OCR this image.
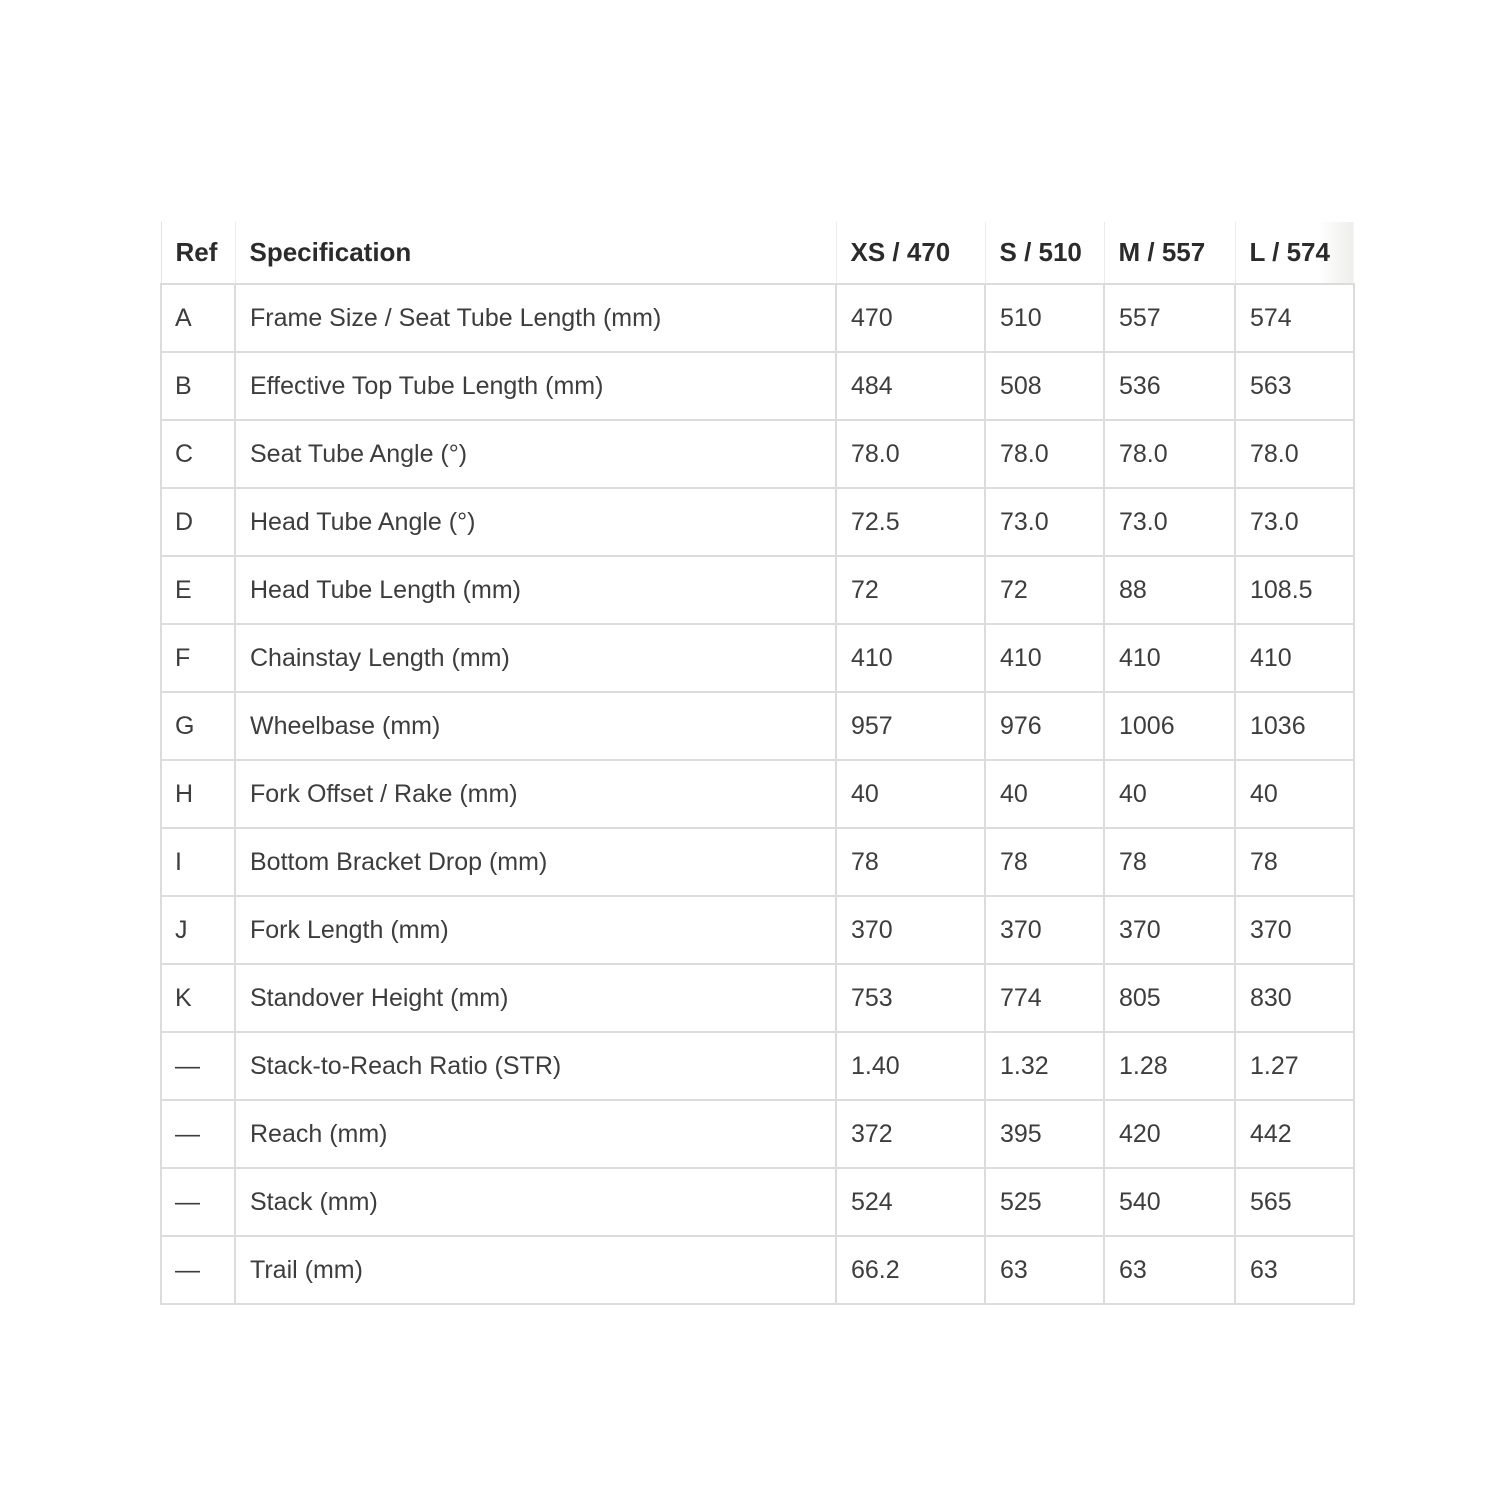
Ref	Specification	XS / 470	S / 510	M / 557	L / 574
A	Frame Size / Seat Tube Length (mm)	470	510	557	574
B	Effective Top Tube Length (mm)	484	508	536	563
C	Seat Tube Angle (°)	78.0	78.0	78.0	78.0
D	Head Tube Angle (°)	72.5	73.0	73.0	73.0
E	Head Tube Length (mm)	72	72	88	108.5
F	Chainstay Length (mm)	410	410	410	410
G	Wheelbase (mm)	957	976	1006	1036
H	Fork Offset / Rake (mm)	40	40	40	40
I	Bottom Bracket Drop (mm)	78	78	78	78
J	Fork Length (mm)	370	370	370	370
K	Standover Height (mm)	753	774	805	830
—	Stack-to-Reach Ratio (STR)	1.40	1.32	1.28	1.27
—	Reach (mm)	372	395	420	442
—	Stack (mm)	524	525	540	565
—	Trail (mm)	66.2	63	63	63
